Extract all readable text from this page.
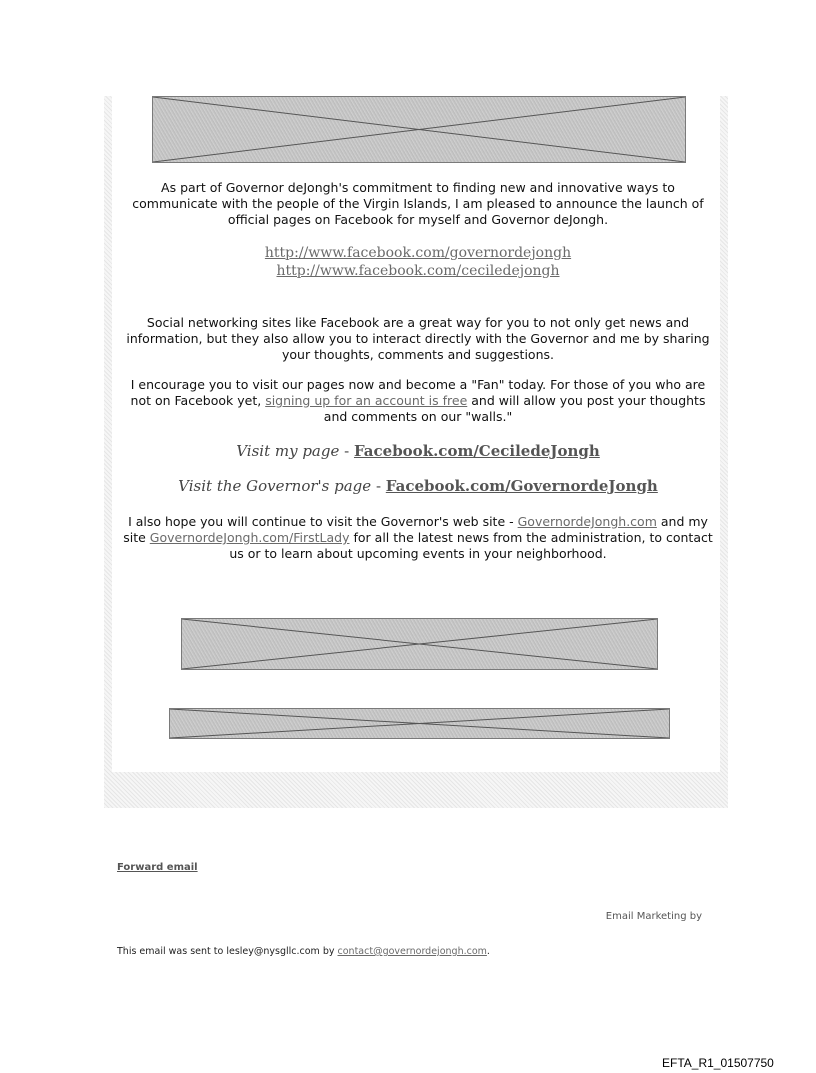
As part of Governor deJongh's commitment to finding new and innovative ways to communicate with the people of the Virgin Islands, I am pleased to announce the launch of official pages on Facebook for myself and Governor deJongh.

http://www.facebook.com/governordejongh
http://www.facebook.com/ceciledejongh

Social networking sites like Facebook are a great way for you to not only get news and information, but they also allow you to interact directly with the Governor and me by sharing your thoughts, comments and suggestions.

I encourage you to visit our pages now and become a "Fan" today. For those of you who are not on Facebook yet, signing up for an account is free and will allow you post your thoughts and comments on our "walls."

Visit my page - Facebook.com/CeciledeJongh
Visit the Governor's page - Facebook.com/GovernordeJongh

I also hope you will continue to visit the Governor's web site - GovernordeJongh.com and my site GovernordeJongh.com/FirstLady for all the latest news from the administration, to contact us or to learn about upcoming events in your neighborhood.

Forward email
Email Marketing by
This email was sent to lesley@nysgllc.com by contact@governordejongh.com.
EFTA_R1_01507750
